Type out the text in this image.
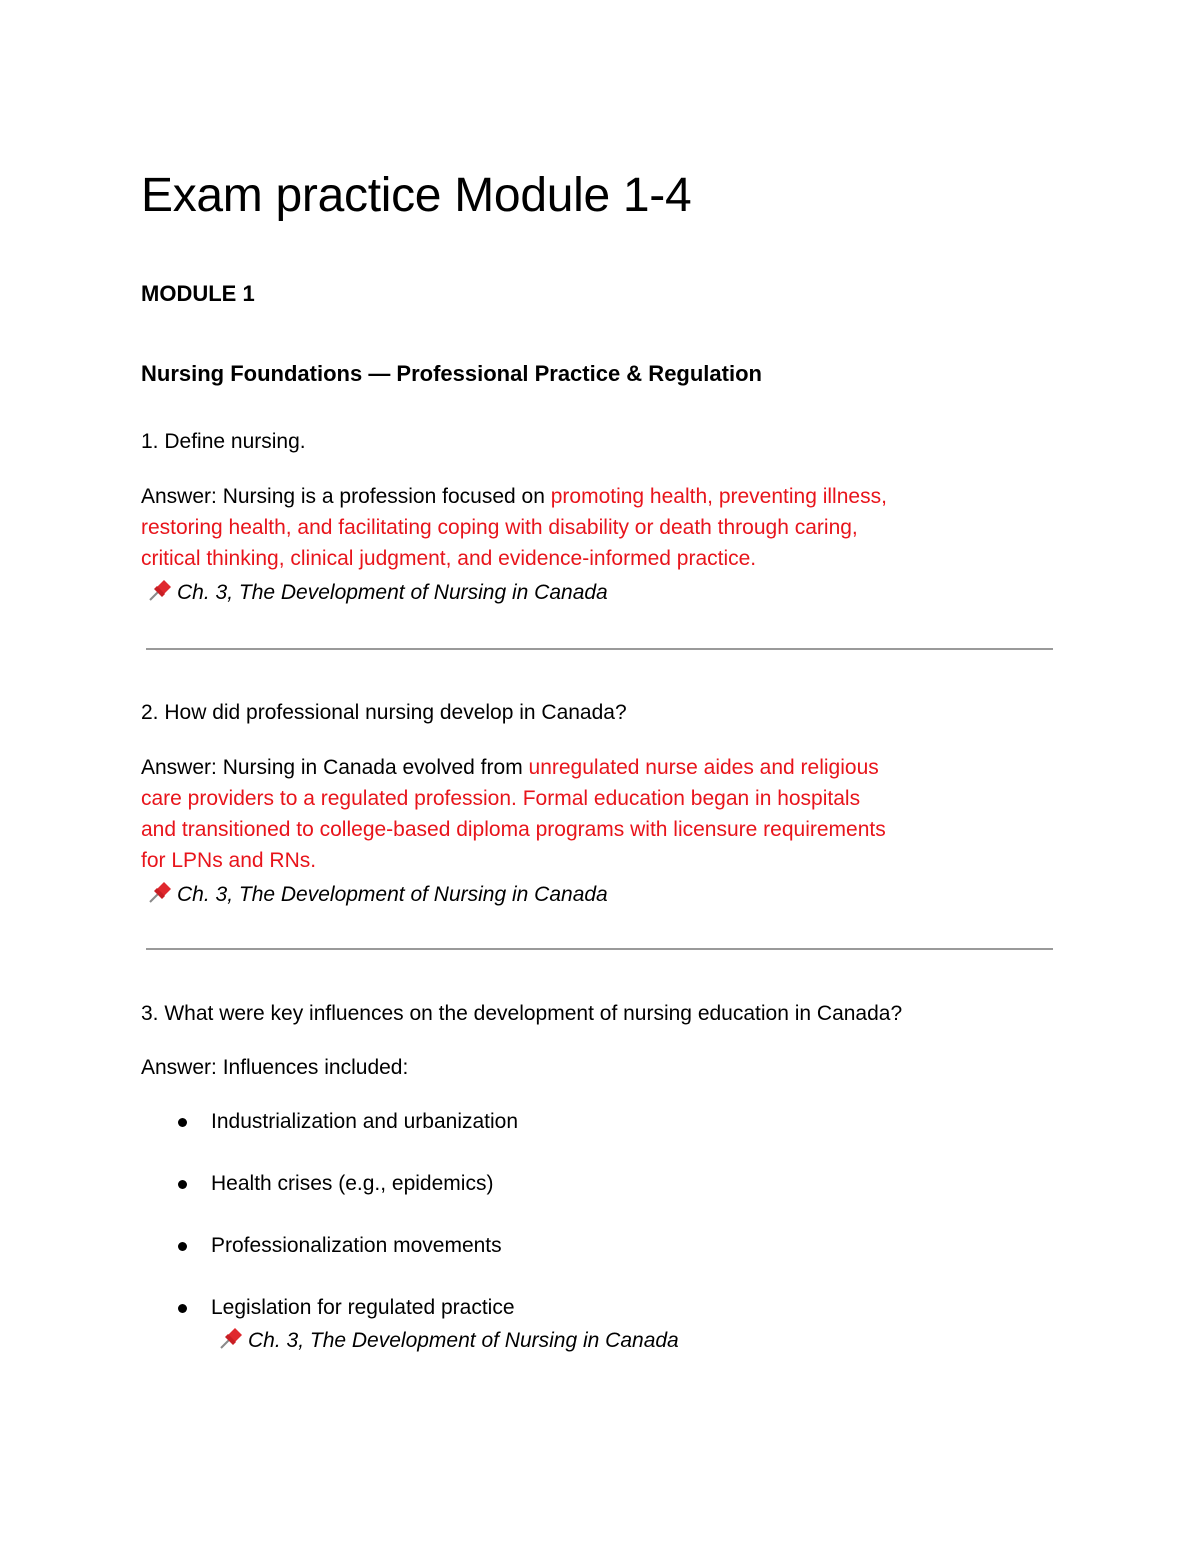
Exam practice Module 1-4
MODULE 1
Nursing Foundations — Professional Practice & Regulation
1. Define nursing.
Answer: Nursing is a profession focused on promoting health, preventing illness,
restoring health, and facilitating coping with disability or death through caring,
critical thinking, clinical judgment, and evidence-informed practice.
Ch. 3, The Development of Nursing in Canada
2. How did professional nursing develop in Canada?
Answer: Nursing in Canada evolved from unregulated nurse aides and religious
care providers to a regulated profession. Formal education began in hospitals
and transitioned to college-based diploma programs with licensure requirements
for LPNs and RNs.
Ch. 3, The Development of Nursing in Canada
3. What were key influences on the development of nursing education in Canada?
Answer: Influences included:
Industrialization and urbanization
Health crises (e.g., epidemics)
Professionalization movements
Legislation for regulated practice
Ch. 3, The Development of Nursing in Canada
